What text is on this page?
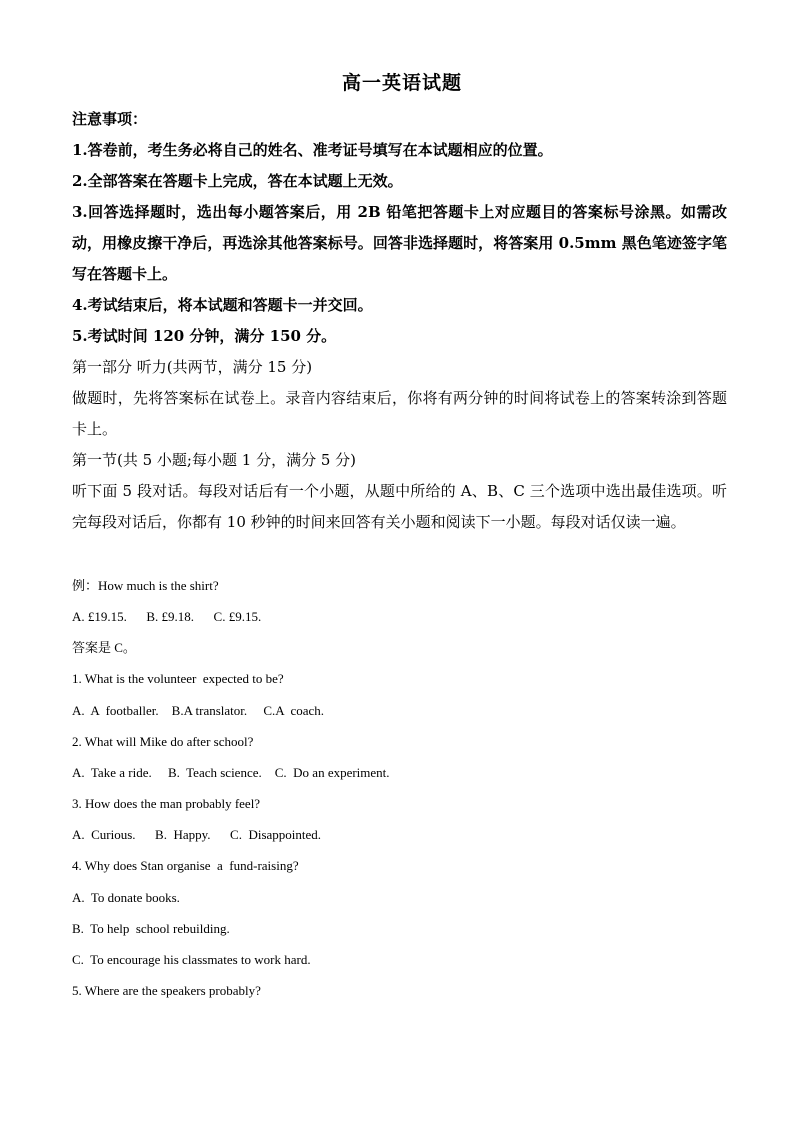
高一英语试题
注意事项：
1.答卷前，考生务必将自己的姓名、准考证号填写在本试题相应的位置。
2.全部答案在答题卡上完成，答在本试题上无效。
3.回答选择题时，选出每小题答案后，用 2B 铅笔把答题卡上对应题目的答案标号涂黑。如需改动，用橡皮擦干净后，再选涂其他答案标号。回答非选择题时，将答案用 0.5mm 黑色笔迹签字笔写在答题卡上。
4.考试结束后，将本试题和答题卡一并交回。
5.考试时间 120 分钟，满分 150 分。
第一部分 听力(共两节，满分 15 分)
做题时，先将答案标在试卷上。录音内容结束后，你将有两分钟的时间将试卷上的答案转涂到答题卡上。
第一节(共 5 小题;每小题 1 分，满分 5 分)
听下面 5 段对话。每段对话后有一个小题，从题中所给的 A、B、C 三个选项中选出最佳选项。听完每段对话后，你都有 10 秒钟的时间来回答有关小题和阅读下一小题。每段对话仅读一遍。
例：How much is the shirt?
A. £19.15.      B. £9.18.      C. £9.15.
答案是 C。
1. What is the volunteer  expected to be?
A.  A  footballer.    B.A translator.     C.A  coach.
2. What will Mike do after school?
A.  Take a ride.     B.  Teach science.    C.  Do an experiment.
3. How does the man probably feel?
A.  Curious.      B.  Happy.      C.  Disappointed.
4. Why does Stan organise  a  fund-raising?
A.  To donate books.
B.  To help  school rebuilding.
C.  To encourage his classmates to work hard.
5. Where are the speakers probably?
